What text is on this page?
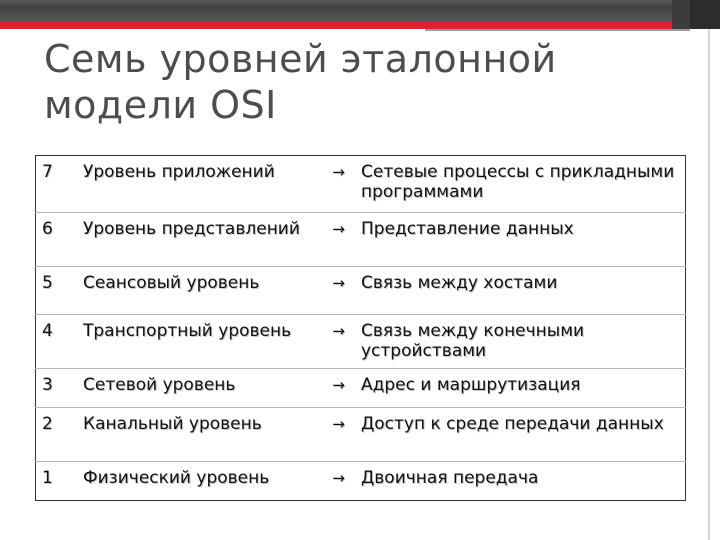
Семь уровней эталонной модели OSI
7	Уровень приложений	→	Сетевые процессы с прикладными программами

6	Уровень представлений	→	Представление данных

5	Сеансовый уровень	→	Связь между хостами

4	Транспортный уровень	→	Связь между конечными устройствами

3	Сетевой уровень	→	Адрес и маршрутизация

2	Канальный уровень	→	Доступ к среде передачи данных

1	Физический уровень	→	Двоичная передача
